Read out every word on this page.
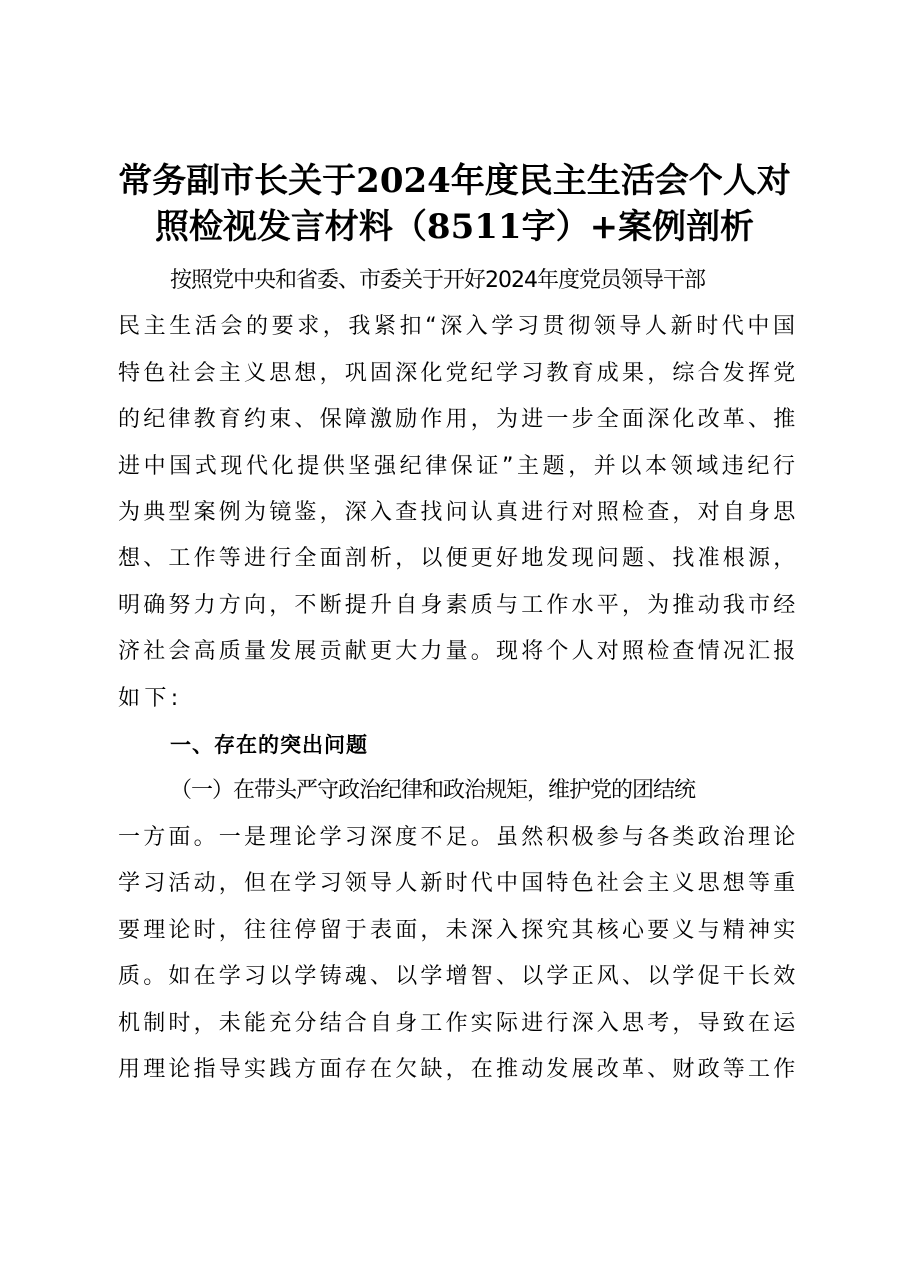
常务副市长关于2024年度民主生活会个人对
照检视发言材料（8511字）+案例剖析

按照党中央和省委、市委关于开好2024年度党员领导干部
民主生活会的要求，我紧扣“深入学习贯彻领导人新时代中国
特色社会主义思想，巩固深化党纪学习教育成果，综合发挥党
的纪律教育约束、保障激励作用，为进一步全面深化改革、推
进中国式现代化提供坚强纪律保证”主题，并以本领域违纪行
为典型案例为镜鉴，深入查找问认真进行对照检查，对自身思
想、工作等进行全面剖析，以便更好地发现问题、找准根源，
明确努力方向，不断提升自身素质与工作水平，为推动我市经
济社会高质量发展贡献更大力量。现将个人对照检查情况汇报
如下:

一、存在的突出问题

（一）在带头严守政治纪律和政治规矩，维护党的团结统
一方面。一是理论学习深度不足。虽然积极参与各类政治理论
学习活动，但在学习领导人新时代中国特色社会主义思想等重
要理论时，往往停留于表面，未深入探究其核心要义与精神实
质。如在学习以学铸魂、以学增智、以学正风、以学促干长效
机制时，未能充分结合自身工作实际进行深入思考，导致在运
用理论指导实践方面存在欠缺，在推动发展改革、财政等工作
